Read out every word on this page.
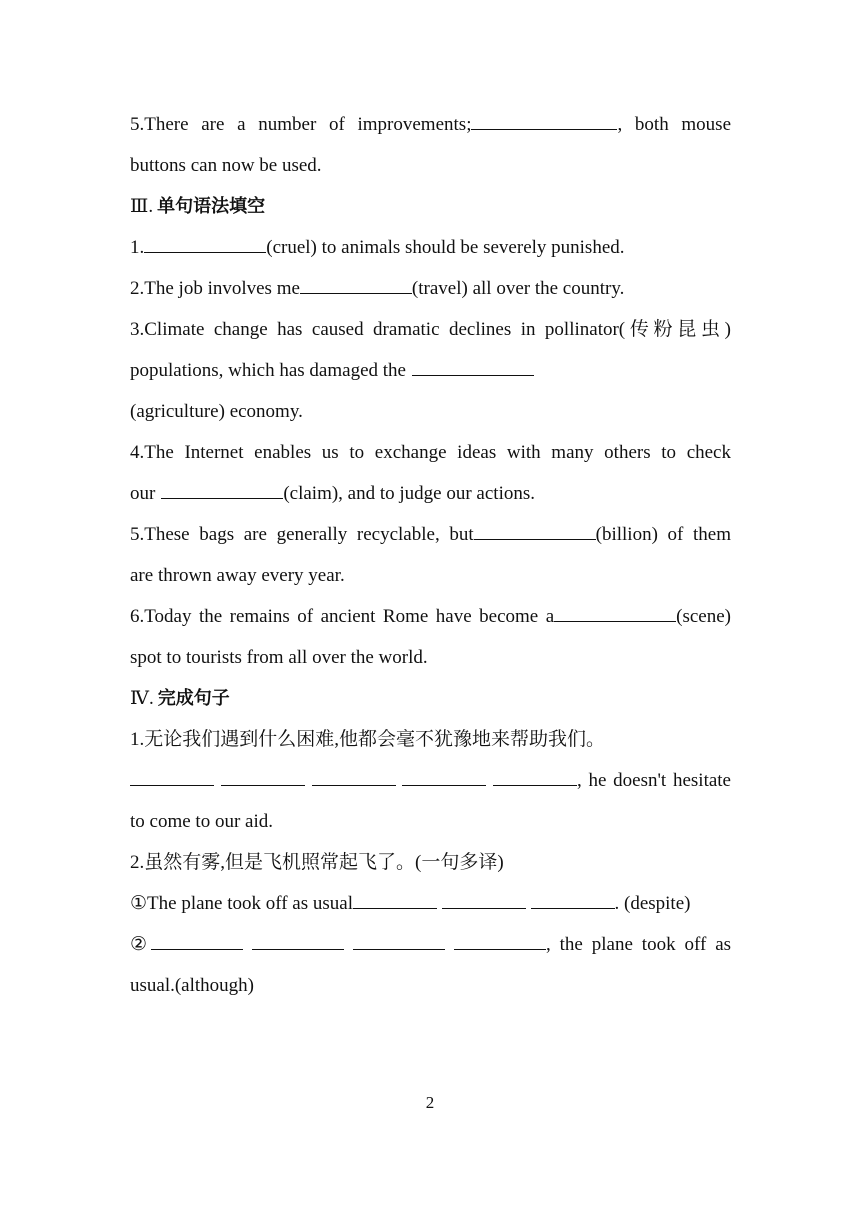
5.There are a number of improvements;	, both mouse
buttons can now be used.
Ⅲ. 单句语法填空
1.	(cruel) to animals should be severely punished.
2.The job involves me	(travel) all over the country.
3.Climate change has caused dramatic declines in pollinator(传粉昆虫)
populations, which has damaged the
(agriculture) economy.
4.The Internet enables us to exchange ideas with many others to check
our	(claim), and to judge our actions.
5.These bags are generally recyclable, but	(billion) of them
are thrown away every year.
6.Today the remains of ancient Rome have become a	(scene)
spot to tourists from all over the world.
Ⅳ. 完成句子
1.无论我们遇到什么困难,他都会毫不犹豫地来帮助我们。
, he doesn't hesitate
to come to our aid.
2.虽然有雾,但是飞机照常起飞了。(一句多译)
①The plane took off as usual	. (despite)
②	, the plane took off as
usual.(although)
2
